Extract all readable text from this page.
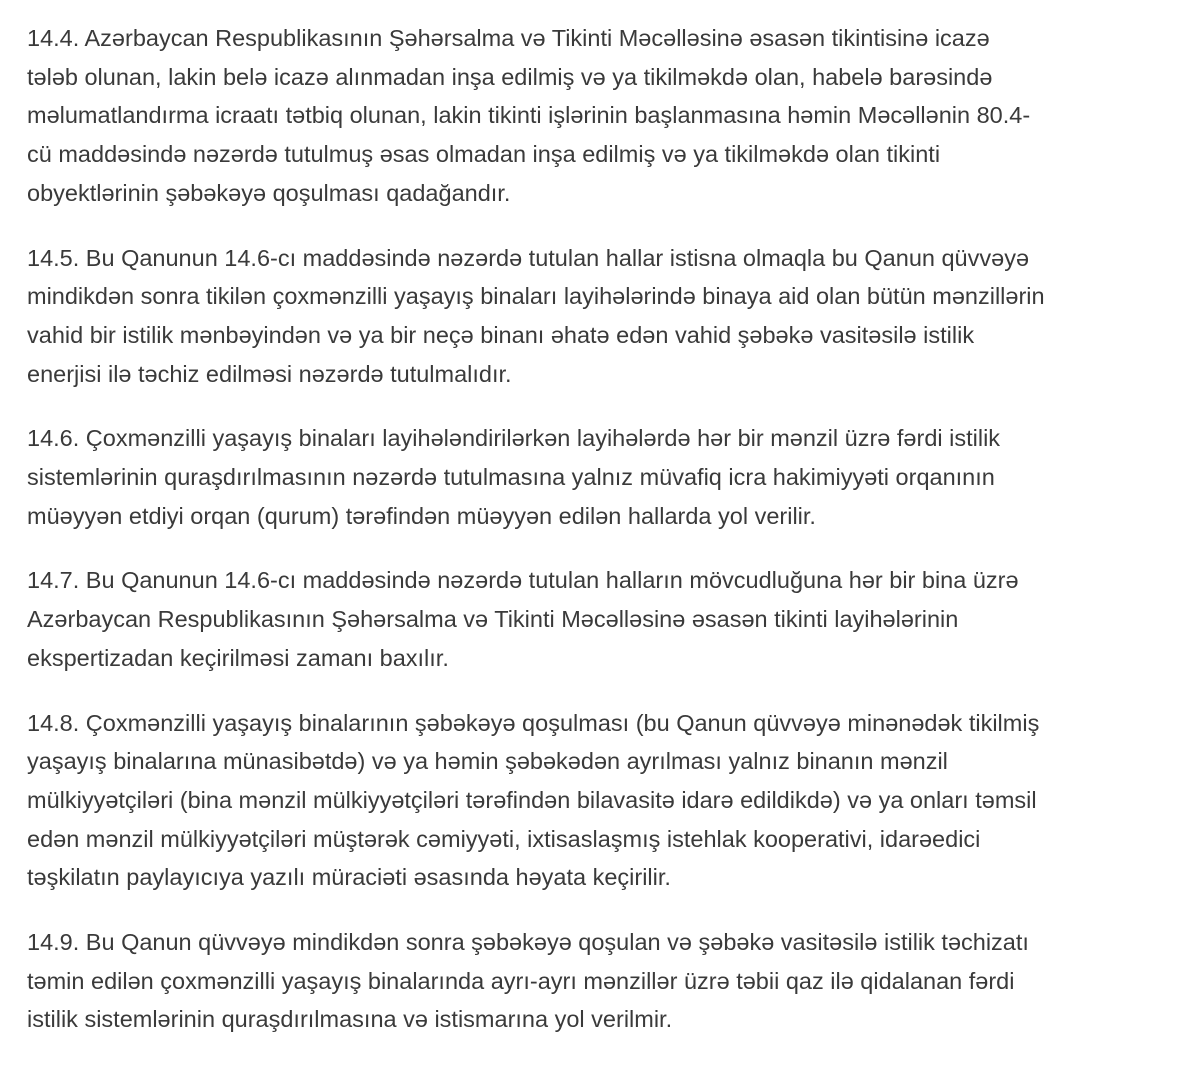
14.4. Azərbaycan Respublikasının Şəhərsalma və Tikinti Məcəlləsinə əsasən tikintisinə icazə
tələb olunan, lakin belə icazə alınmadan inşa edilmiş və ya tikilməkdə olan, habelə barəsində
məlumatlandırma icraatı tətbiq olunan, lakin tikinti işlərinin başlanmasına həmin Məcəllənin 80.4-
cü maddəsində nəzərdə tutulmuş əsas olmadan inşa edilmiş və ya tikilməkdə olan tikinti
obyektlərinin şəbəkəyə qoşulması qadağandır.

14.5. Bu Qanunun 14.6-cı maddəsində nəzərdə tutulan hallar istisna olmaqla bu Qanun qüvvəyə
mindikdən sonra tikilən çoxmənzilli yaşayış binaları layihələrində binaya aid olan bütün mənzillərin
vahid bir istilik mənbəyindən və ya bir neçə binanı əhatə edən vahid şəbəkə vasitəsilə istilik
enerjisi ilə təchiz edilməsi nəzərdə tutulmalıdır.

14.6. Çoxmənzilli yaşayış binaları layihələndirilərkən layihələrdə hər bir mənzil üzrə fərdi istilik
sistemlərinin quraşdırılmasının nəzərdə tutulmasına yalnız müvafiq icra hakimiyyəti orqanının
müəyyən etdiyi orqan (qurum) tərəfindən müəyyən edilən hallarda yol verilir.

14.7. Bu Qanunun 14.6-cı maddəsində nəzərdə tutulan halların mövcudluğuna hər bir bina üzrə
Azərbaycan Respublikasının Şəhərsalma və Tikinti Məcəlləsinə əsasən tikinti layihələrinin
ekspertizadan keçirilməsi zamanı baxılır.

14.8. Çoxmənzilli yaşayış binalarının şəbəkəyə qoşulması (bu Qanun qüvvəyə minənədək tikilmiş
yaşayış binalarına münasibətdə) və ya həmin şəbəkədən ayrılması yalnız binanın mənzil
mülkiyyətçiləri (bina mənzil mülkiyyətçiləri tərəfindən bilavasitə idarə edildikdə) və ya onları təmsil
edən mənzil mülkiyyətçiləri müştərək cəmiyyəti, ixtisaslaşmış istehlak kooperativi, idarəedici
təşkilatın paylayıcıya yazılı müraciəti əsasında həyata keçirilir.

14.9. Bu Qanun qüvvəyə mindikdən sonra şəbəkəyə qoşulan və şəbəkə vasitəsilə istilik təchizatı
təmin edilən çoxmənzilli yaşayış binalarında ayrı-ayrı mənzillər üzrə təbii qaz ilə qidalanan fərdi
istilik sistemlərinin quraşdırılmasına və istismarına yol verilmir.
